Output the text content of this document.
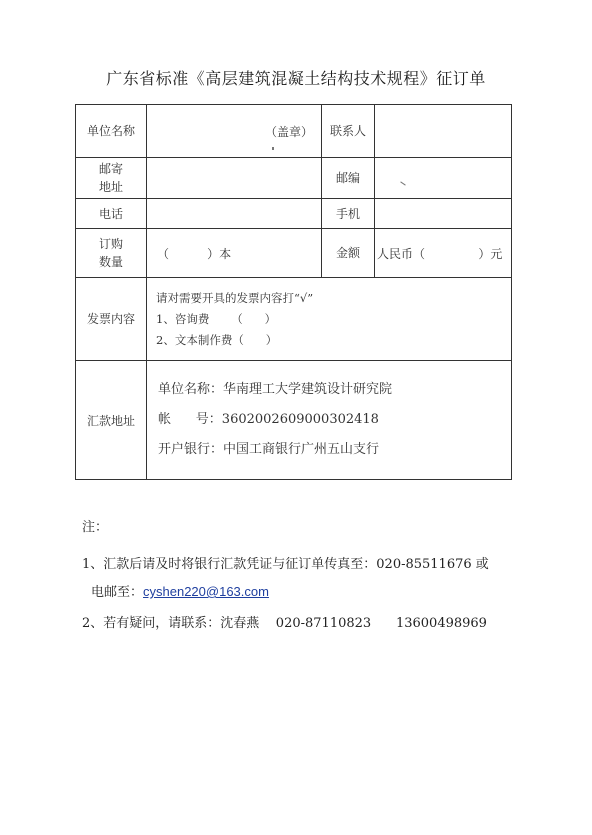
广东省标准《高层建筑混凝土结构技术规程》征订单
单位名称	（盖章）	联系人	

邮寄
地址		邮编	
电话		手机	

订购
数量	（          ）本	金额	人民币（              ）元
发票内容	请对需要开具的发票内容打“√”
1、咨询费      （      ）
2、文本制作费（      ）		

汇款地址	单位名称：华南理工大学建筑设计研究院
帐      号：3602002609000302418
开户银行：中国工商银行广州五山支行		
注：
1、汇款后请及时将银行汇款凭证与征订单传真至：020-85511676 或
电邮至：cyshen220@163.com
2、若有疑问，请联系：沈春燕    020-87110823      13600498969
